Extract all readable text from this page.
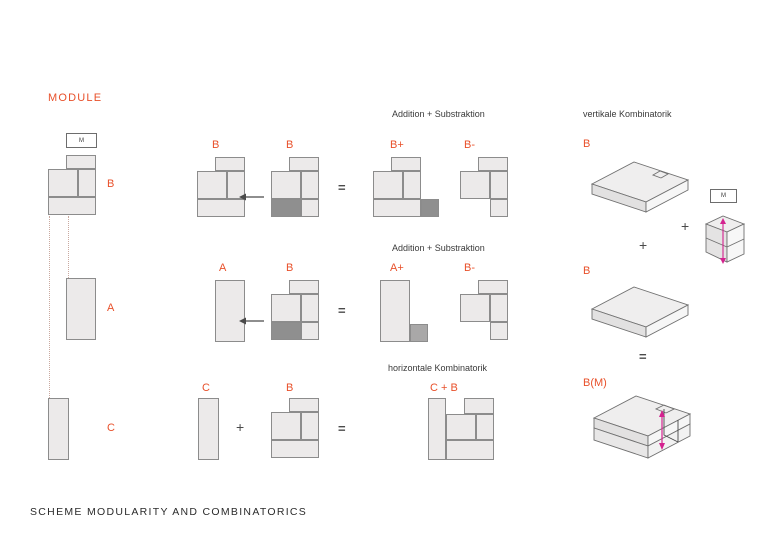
MODULE
Addition + Substraktion
Addition + Substraktion
horizontale Kombinatorik
vertikale Kombinatorik
M
B
A
C
B	B	B+	B-
=
A	B	A+	B-
=
C	B	C + B
+	=
B
+
+
M
B
=
B(M)
SCHEME MODULARITY AND COMBINATORICS
